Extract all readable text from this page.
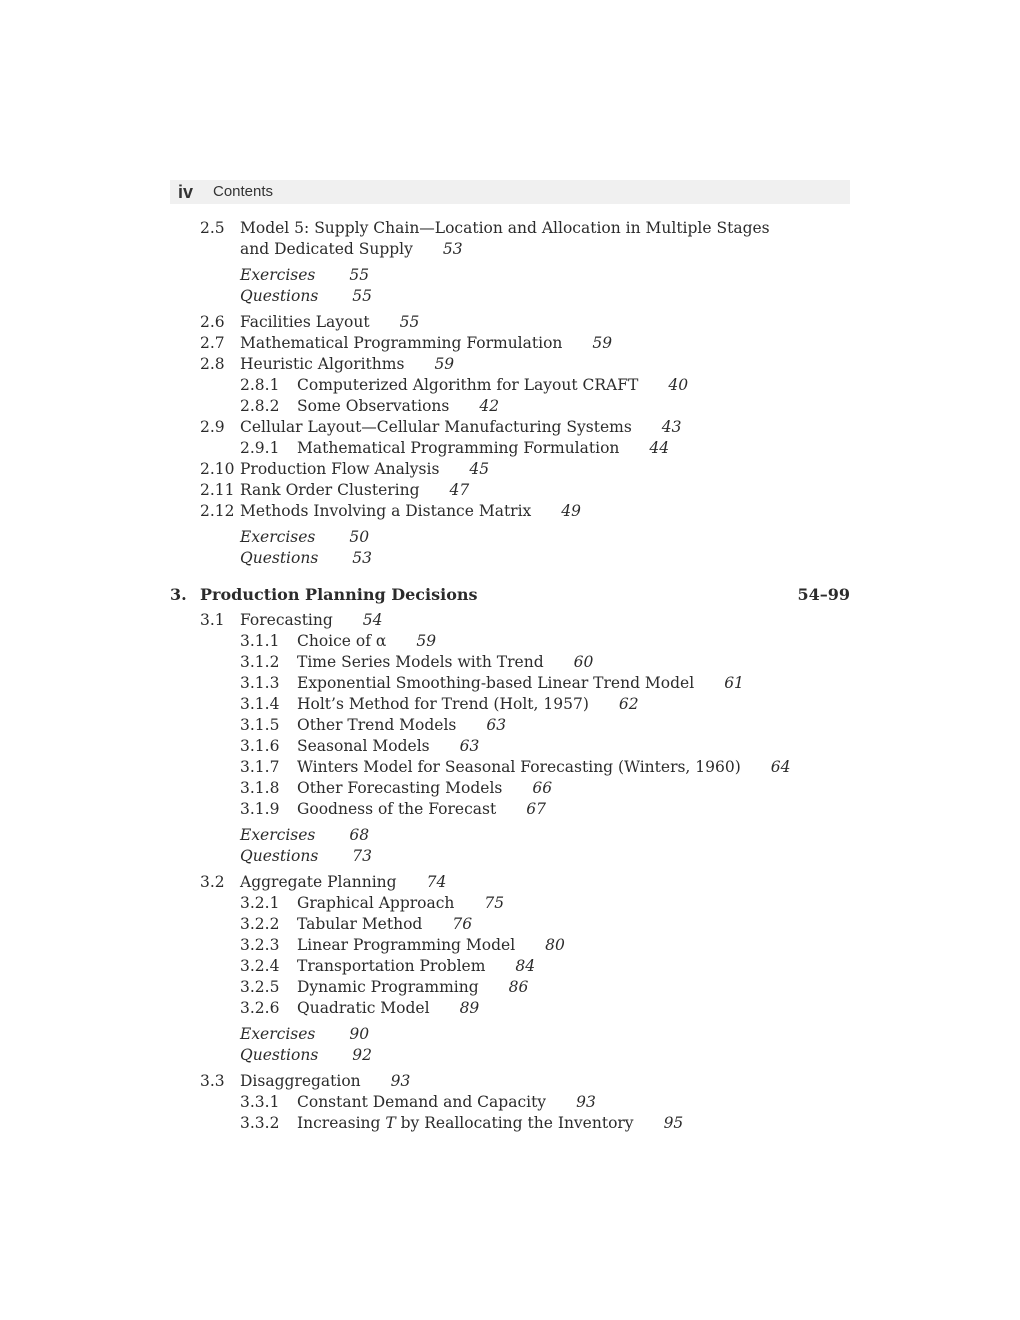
iv Contents
2.5 Model 5: Supply Chain—Location and Allocation in Multiple Stages
and Dedicated Supply 53
Exercises 55
Questions 55
2.6 Facilities Layout 55
2.7 Mathematical Programming Formulation 59
2.8 Heuristic Algorithms 59
2.8.1 Computerized Algorithm for Layout CRAFT 40
2.8.2 Some Observations 42
2.9 Cellular Layout—Cellular Manufacturing Systems 43
2.9.1 Mathematical Programming Formulation 44
2.10 Production Flow Analysis 45
2.11 Rank Order Clustering 47
2.12 Methods Involving a Distance Matrix 49
Exercises 50
Questions 53
3. Production Planning Decisions	54–99
3.1 Forecasting 54
3.1.1 Choice of α 59
3.1.2 Time Series Models with Trend 60
3.1.3 Exponential Smoothing-based Linear Trend Model 61
3.1.4 Holt’s Method for Trend (Holt, 1957) 62
3.1.5 Other Trend Models 63
3.1.6 Seasonal Models 63
3.1.7 Winters Model for Seasonal Forecasting (Winters, 1960) 64
3.1.8 Other Forecasting Models 66
3.1.9 Goodness of the Forecast 67
Exercises 68
Questions 73
3.2 Aggregate Planning 74
3.2.1 Graphical Approach 75
3.2.2 Tabular Method 76
3.2.3 Linear Programming Model 80
3.2.4 Transportation Problem 84
3.2.5 Dynamic Programming 86
3.2.6 Quadratic Model 89
Exercises 90
Questions 92
3.3 Disaggregation 93
3.3.1 Constant Demand and Capacity 93
3.3.2 Increasing T by Reallocating the Inventory 95
